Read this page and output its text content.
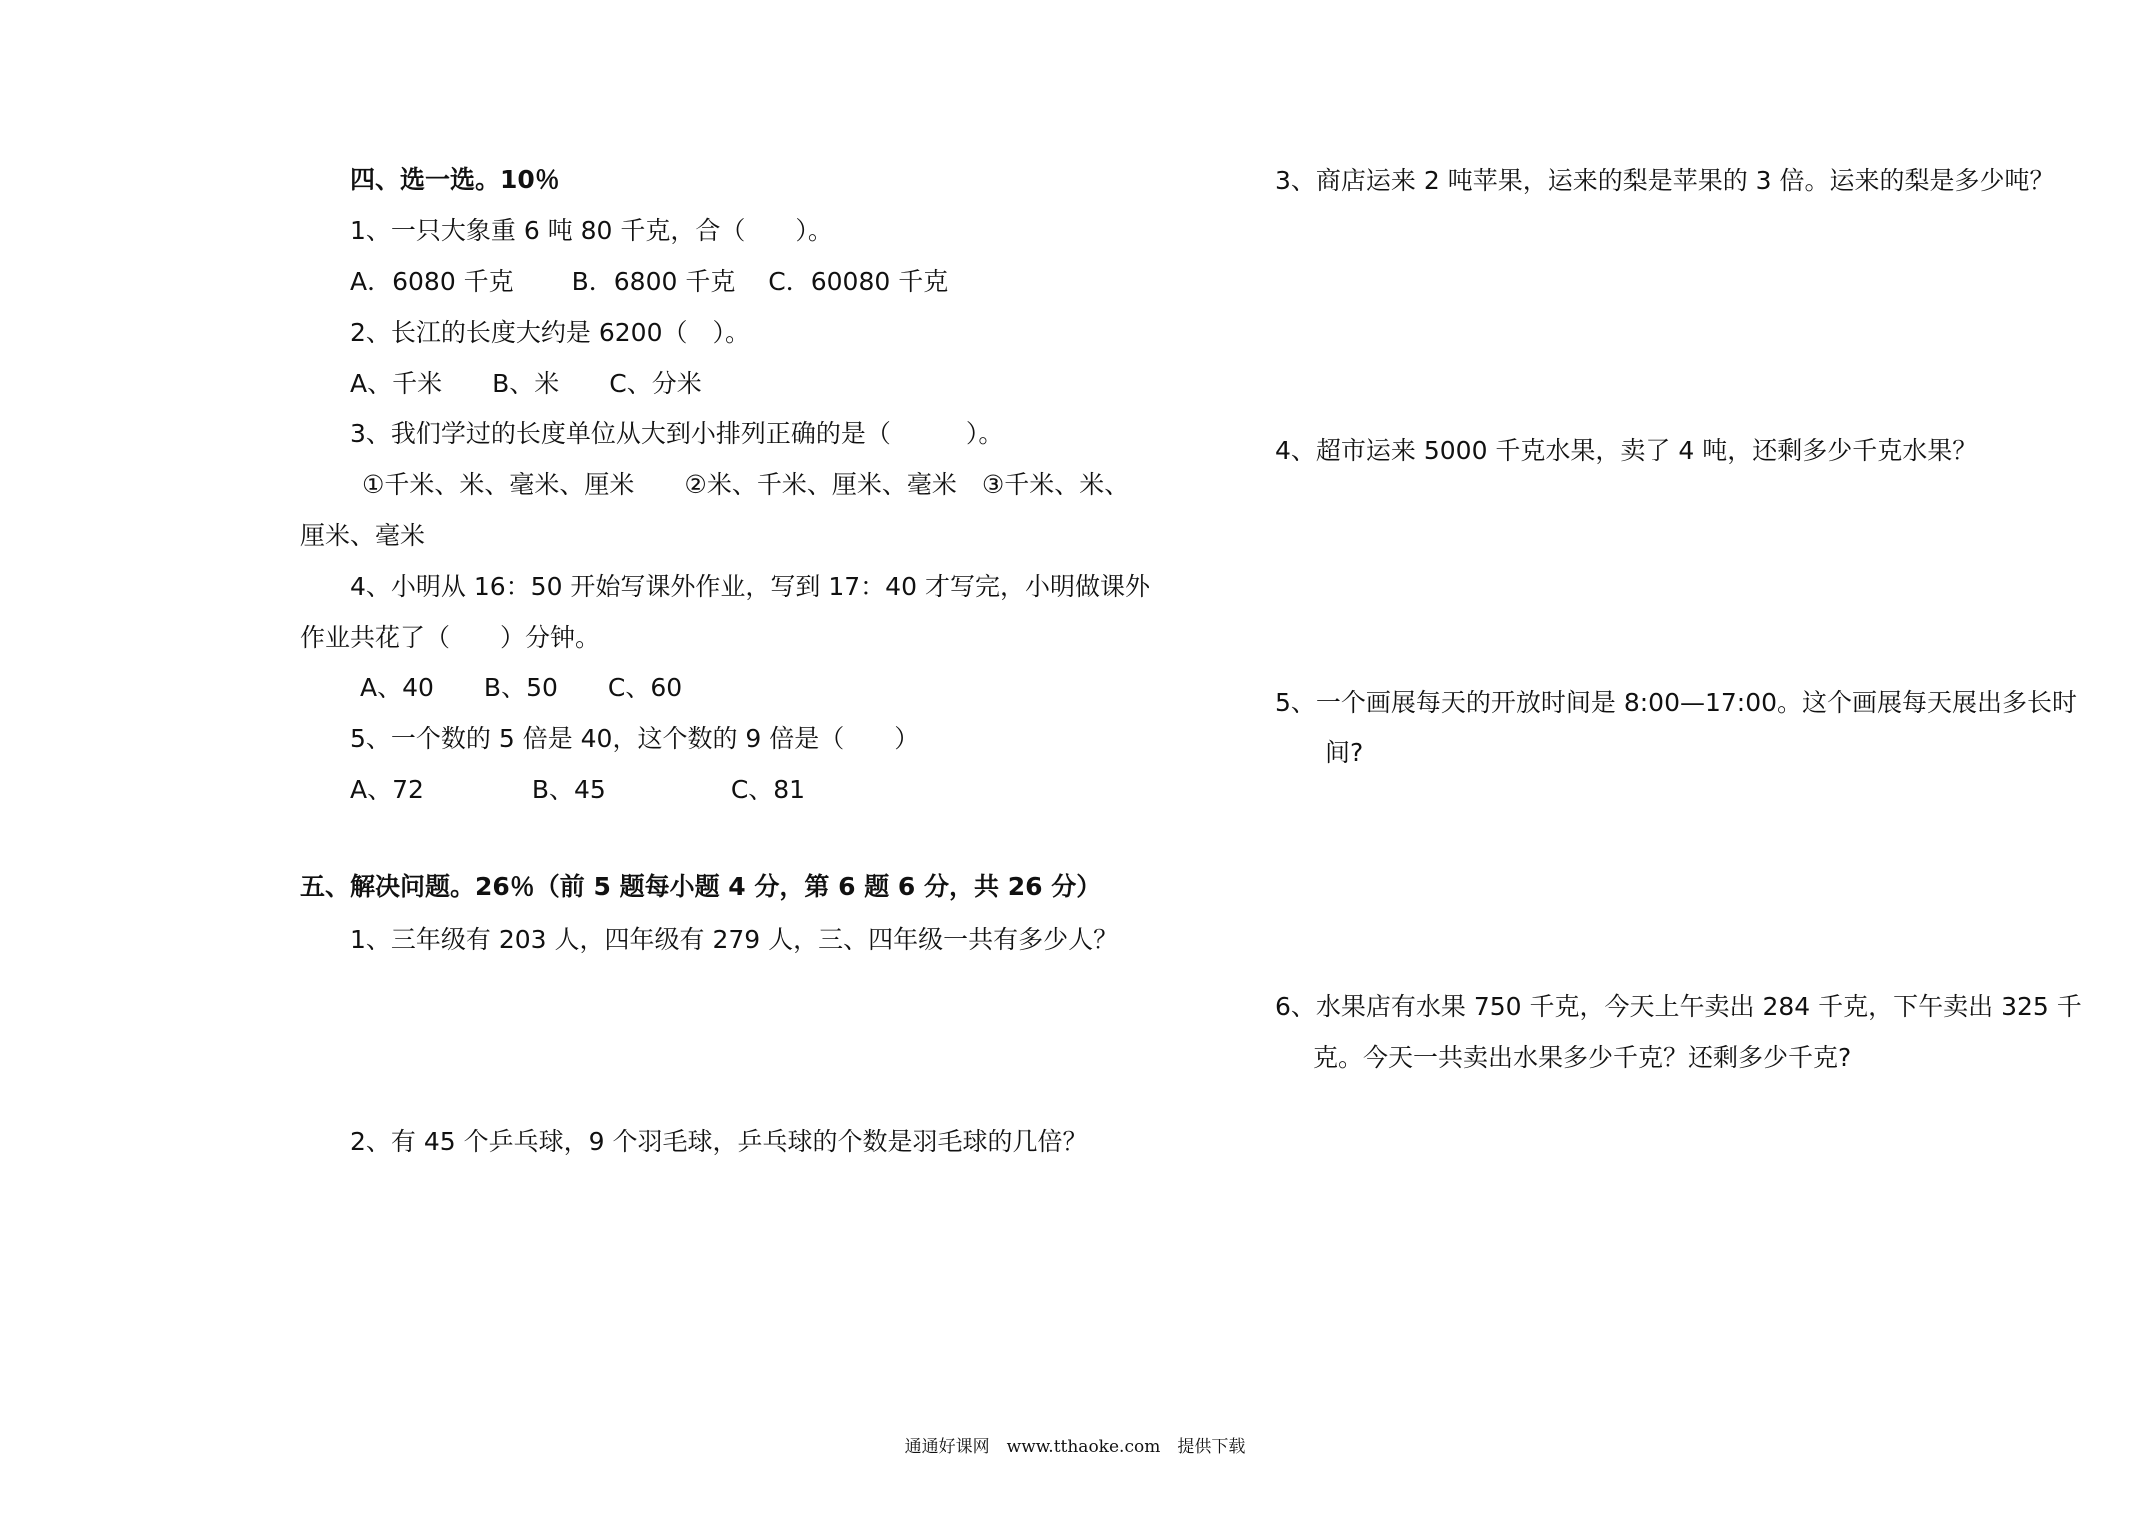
四、选一选。10％
1、一只大象重 6 吨 80 千克，合（　　）。
A．6080 千克　　 B．6800 千克　 C．60080 千克
2、长江的长度大约是 6200（　）。
A、千米　　B、米　　C、分米
3、我们学过的长度单位从大到小排列正确的是（　　　）。
①千米、米、毫米、厘米　　②米、千米、厘米、毫米　③千米、米、
厘米、毫米
4、小明从 16：50 开始写课外作业，写到 17：40 才写完，小明做课外
作业共花了（　　）分钟。
A、40　　B、50　　C、60
5、一个数的 5 倍是 40，这个数的 9 倍是（　　）
A、72　　　　 B、45　　　　　C、81
五、解决问题。26％（前 5 题每小题 4 分，第 6 题 6 分，共 26 分）
1、三年级有 203 人，四年级有 279 人，三、四年级一共有多少人？
2、有 45 个乒乓球，9 个羽毛球，乒乓球的个数是羽毛球的几倍？
3、商店运来 2 吨苹果，运来的梨是苹果的 3 倍。运来的梨是多少吨？
4、超市运来 5000 千克水果，卖了 4 吨，还剩多少千克水果？
5、一个画展每天的开放时间是 8:00—17:00。这个画展每天展出多长时
间?
6、水果店有水果 750 千克，今天上午卖出 284 千克，下午卖出 325 千
克。今天一共卖出水果多少千克？还剩多少千克?
通通好课网　www.tthaoke.com　提供下载
